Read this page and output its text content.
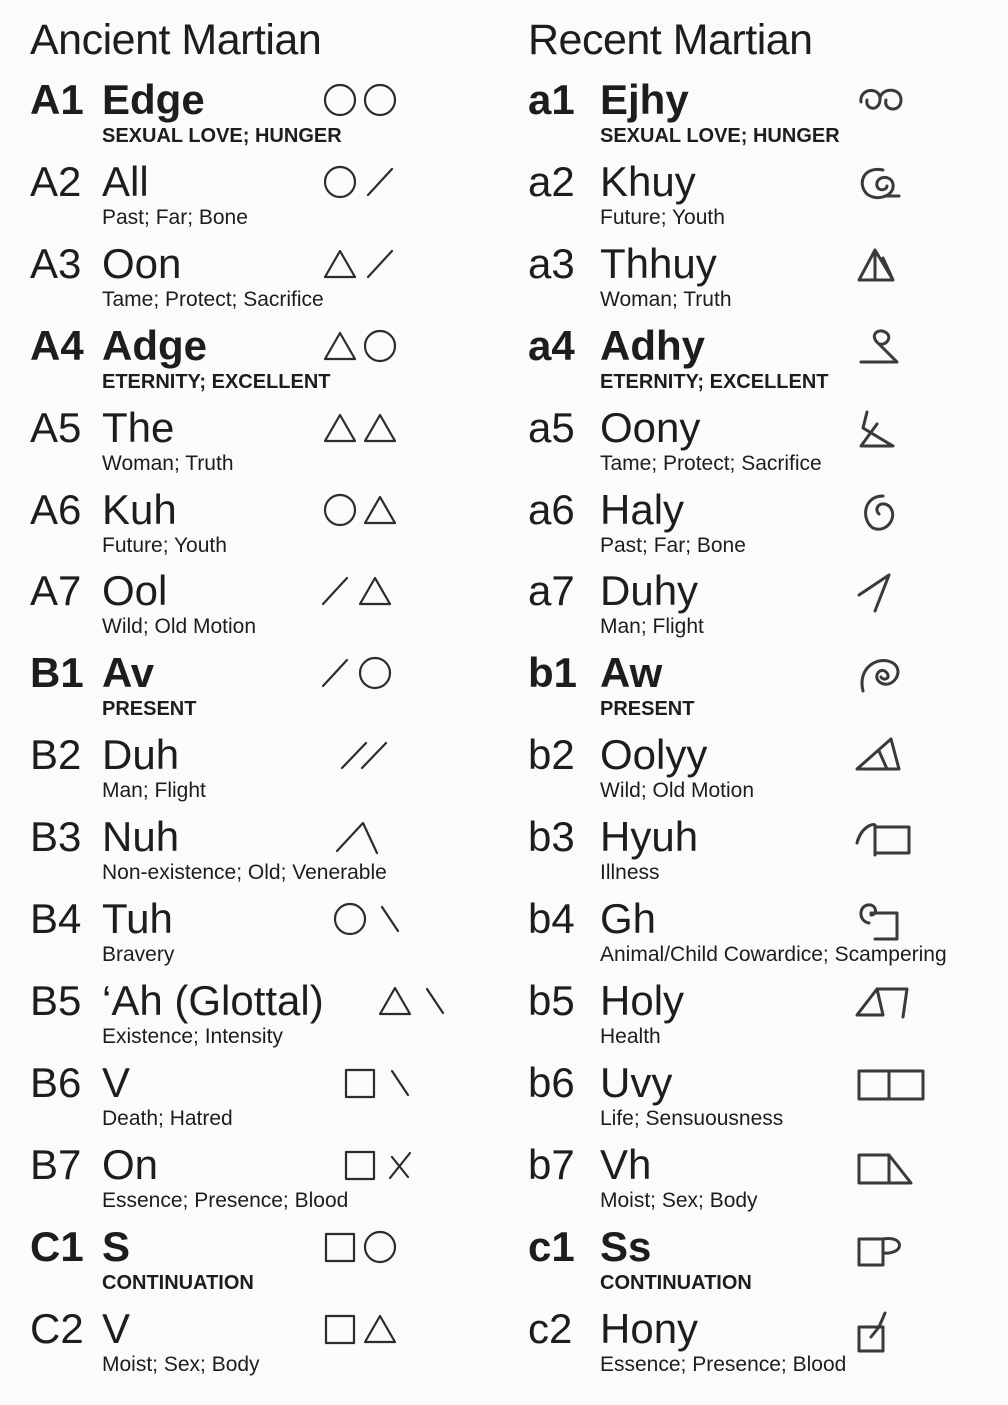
Ancient Martian
A1 Edge
SEXUAL LOVE; HUNGER
A2 All
Past; Far; Bone
A3 Oon
Tame; Protect; Sacrifice
A4 Adge
ETERNITY; EXCELLENT
A5 The
Woman; Truth
A6 Kuh
Future; Youth
A7 Ool
Wild; Old Motion
B1 Av
PRESENT
B2 Duh
Man; Flight
B3 Nuh
Non-existence; Old; Venerable
B4 Tuh
Bravery
B5 ‘Ah (Glottal)
Existence; Intensity
B6 V
Death; Hatred
B7 On
Essence; Presence; Blood
C1 S
CONTINUATION
C2 V
Moist; Sex; Body
Recent Martian
a1 Ejhy
SEXUAL LOVE; HUNGER
a2 Khuy
Future; Youth
a3 Thhuy
Woman; Truth
a4 Adhy
ETERNITY; EXCELLENT
a5 Oony
Tame; Protect; Sacrifice
a6 Haly
Past; Far; Bone
a7 Duhy
Man; Flight
b1 Aw
PRESENT
b2 Oolyy
Wild; Old Motion
b3 Hyuh
Illness
b4 Gh
Animal/Child Cowardice; Scampering
b5 Holy
Health
b6 Uvy
Life; Sensuousness
b7 Vh
Moist; Sex; Body
c1 Ss
CONTINUATION
c2 Hony
Essence; Presence; Blood
